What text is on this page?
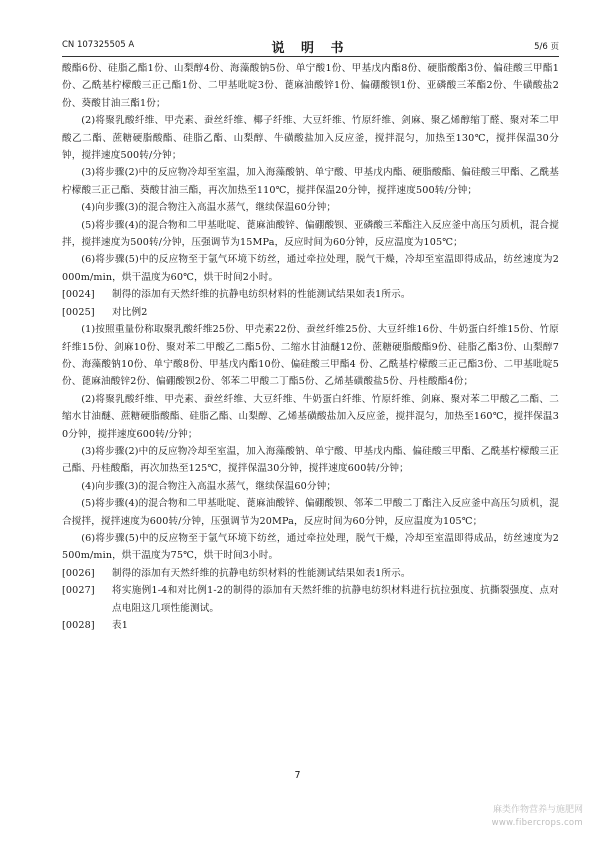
CN 107325505 A	说 明 书	5/6 页

酸酯6份、硅脂乙酯1份、山梨醇4份、海藻酸钠5份、单宁酸1份、甲基戊内酯8份、硬脂酸酯3份、偏硅酸三甲酯1份、乙酰基柠檬酸三正己酯1份、二甲基吡啶3份、蓖麻油酸锌1份、偏硼酸钡1份、亚磷酸三苯酯2份、牛磺酸盐2份、葵酸甘油三酯1份；

(2)将聚乳酸纤维、甲壳素、蚕丝纤维、椰子纤维、大豆纤维、竹原纤维、剑麻、聚乙烯醇缩丁醛、聚对苯二甲酸乙二酯、蔗糖硬脂酸酯、硅脂乙酯、山梨醇、牛磺酸盐加入反应釜，搅拌混匀，加热至130℃，搅拌保温30分钟，搅拌速度500转/分钟；

(3)将步骤(2)中的反应物冷却至室温，加入海藻酸钠、单宁酸、甲基戊内酯、硬脂酸酯、偏硅酸三甲酯、乙酰基柠檬酸三正己酯、葵酸甘油三酯，再次加热至110℃，搅拌保温20分钟，搅拌速度500转/分钟；

(4)向步骤(3)的混合物注入高温水蒸气，继续保温60分钟；

(5)将步骤(4)的混合物和二甲基吡啶、蓖麻油酸锌、偏硼酸钡、亚磷酸三苯酯注入反应釜中高压匀质机，混合搅拌，搅拌速度为500转/分钟，压强调节为15MPa，反应时间为60分钟，反应温度为105℃；

(6)将步骤(5)中的反应物至于氩气环境下纺丝，通过牵拉处理，脱气干燥，冷却至室温即得成品，纺丝速度为2000m/min，烘干温度为60℃，烘干时间2小时。

[0024]	制得的添加有天然纤维的抗静电纺织材料的性能测试结果如表1所示。
[0025]	对比例2

(1)按照重量份称取聚乳酸纤维25份、甲壳素22份、蚕丝纤维25份、大豆纤维16份、牛奶蛋白纤维15份、竹原纤维15份、剑麻10份、聚对苯二甲酸乙二酯5份、二缩水甘油醚12份、蔗糖硬脂酸酯9份、硅脂乙酯3份、山梨醇7份、海藻酸钠10份、单宁酸8份、甲基戊内酯10份、偏硅酸三甲酯4 份、乙酰基柠檬酸三正己酯3份、二甲基吡啶5份、蓖麻油酸锌2份、偏硼酸钡2份、邻苯二甲酸二丁酯5份、乙烯基磺酸盐5份、丹桂酸酯4份；

(2)将聚乳酸纤维、甲壳素、蚕丝纤维、大豆纤维、牛奶蛋白纤维、竹原纤维、剑麻、聚对苯二甲酸乙二酯、二缩水甘油醚、蔗糖硬脂酸酯、硅脂乙酯、山梨醇、乙烯基磺酸盐加入反应釜，搅拌混匀，加热至160℃，搅拌保温30分钟，搅拌速度600转/分钟；

(3)将步骤(2)中的反应物冷却至室温，加入海藻酸钠、单宁酸、甲基戊内酯、偏硅酸三甲酯、乙酰基柠檬酸三正己酯、丹桂酸酯，再次加热至125℃，搅拌保温30分钟，搅拌速度600转/分钟；

(4)向步骤(3)的混合物注入高温水蒸气，继续保温60分钟；

(5)将步骤(4)的混合物和二甲基吡啶、蓖麻油酸锌、偏硼酸钡、邻苯二甲酸二丁酯注入反应釜中高压匀质机，混合搅拌，搅拌速度为600转/分钟，压强调节为20MPa，反应时间为60分钟，反应温度为105℃；

(6)将步骤(5)中的反应物至于氩气环境下纺丝，通过牵拉处理，脱气干燥，冷却至室温即得成品，纺丝速度为2500m/min，烘干温度为75℃，烘干时间3小时。

[0026]	制得的添加有天然纤维的抗静电纺织材料的性能测试结果如表1所示。
[0027]	将实施例1-4和对比例1-2的制得的添加有天然纤维的抗静电纺织材料进行抗拉强度、抗撕裂强度、点对点电阻这几项性能测试。
[0028]	表1
7
麻类作物营养与施肥网
www.fibercrops.com
